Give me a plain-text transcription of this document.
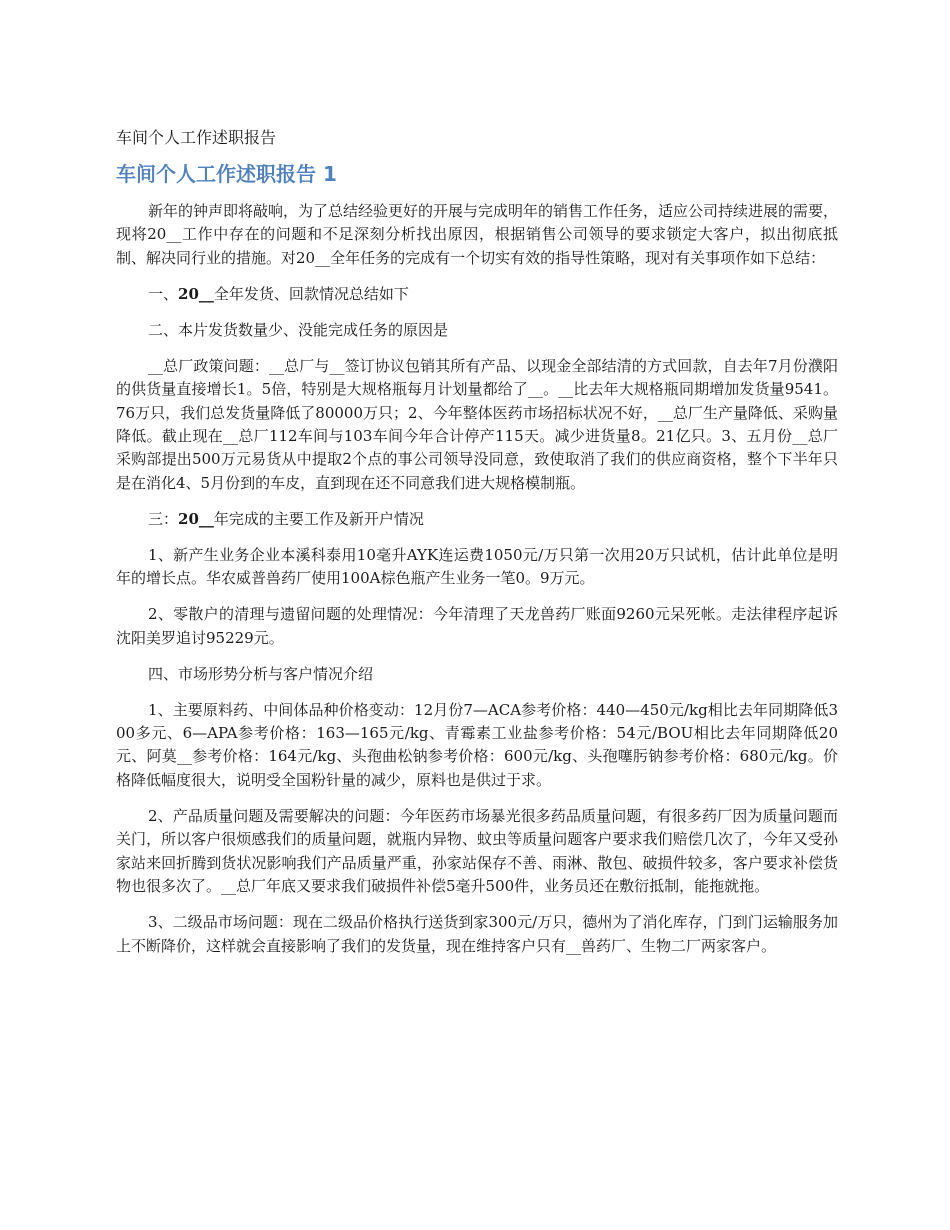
车间个人工作述职报告
车间个人工作述职报告 1

新年的钟声即将敲响，为了总结经验更好的开展与完成明年的销售工作任务，适应公司持续进展的需要，现将20__工作中存在的问题和不足深刻分析找出原因，根据销售公司领导的要求锁定大客户，拟出彻底抵制、解决同行业的措施。对20__全年任务的完成有一个切实有效的指导性策略，现对有关事项作如下总结：

一、20__全年发货、回款情况总结如下

二、本片发货数量少、没能完成任务的原因是

__总厂政策问题：__总厂与__签订协议包销其所有产品、以现金全部结清的方式回款，自去年7月份濮阳的供货量直接增长1。5倍，特别是大规格瓶每月计划量都给了__。__比去年大规格瓶同期增加发货量9541。76万只，我们总发货量降低了80000万只；2、今年整体医药市场招标状况不好，__总厂生产量降低、采购量降低。截止现在__总厂112车间与103车间今年合计停产115天。减少进货量8。21亿只。3、五月份__总厂采购部提出500万元易货从中提取2个点的事公司领导没同意，致使取消了我们的供应商资格，整个下半年只是在消化4、5月份到的车皮，直到现在还不同意我们进大规格模制瓶。

三：20__年完成的主要工作及新开户情况

1、新产生业务企业本溪科泰用10毫升AYK连运费1050元/万只第一次用20万只试机，估计此单位是明年的增长点。华农威普兽药厂使用100A棕色瓶产生业务一笔0。9万元。

2、零散户的清理与遗留问题的处理情况：今年清理了天龙兽药厂账面9260元呆死帐。走法律程序起诉沈阳美罗追讨95229元。

四、市场形势分析与客户情况介绍

1、主要原料药、中间体品种价格变动：12月份7—ACA参考价格：440—450元/kg相比去年同期降低300多元、6—APA参考价格：163—165元/kg、青霉素工业盐参考价格：54元/BOU相比去年同期降低20元、阿莫__参考价格：164元/kg、头孢曲松钠参考价格：600元/kg、头孢噻肟钠参考价格：680元/kg。价格降低幅度很大，说明受全国粉针量的减少，原料也是供过于求。

2、产品质量问题及需要解决的问题：今年医药市场暴光很多药品质量问题，有很多药厂因为质量问题而关门，所以客户很烦感我们的质量问题，就瓶内异物、蚊虫等质量问题客户要求我们赔偿几次了，今年又受孙家站来回折腾到货状况影响我们产品质量严重，孙家站保存不善、雨淋、散包、破损件较多，客户要求补偿货物也很多次了。__总厂年底又要求我们破损件补偿5毫升500件，业务员还在敷衍抵制，能拖就拖。

3、二级品市场问题：现在二级品价格执行送货到家300元/万只，德州为了消化库存，门到门运输服务加上不断降价，这样就会直接影响了我们的发货量，现在维持客户只有__兽药厂、生物二厂两家客户。
